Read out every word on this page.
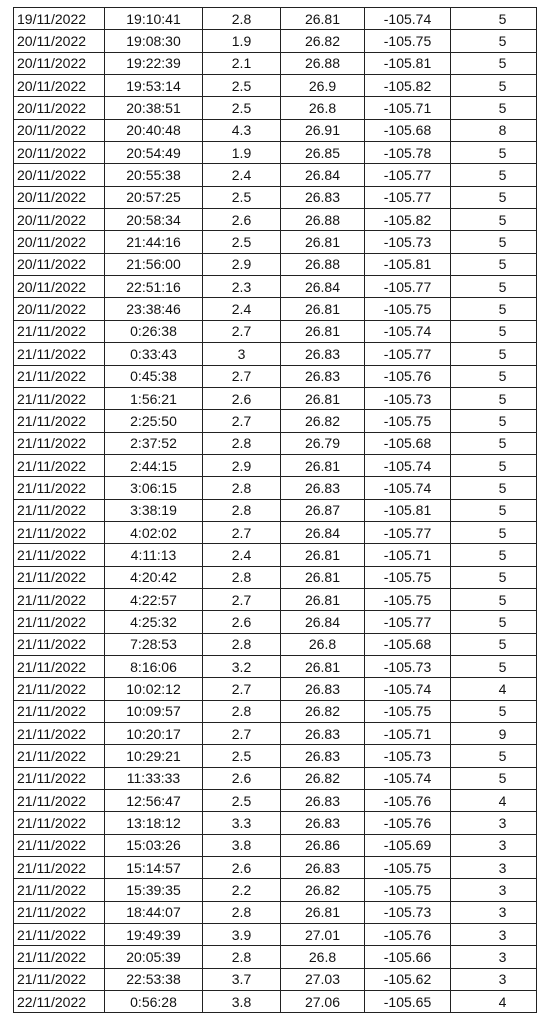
19/11/2022	19:10:41	2.8	26.81	-105.74	5
20/11/2022	19:08:30	1.9	26.82	-105.75	5
20/11/2022	19:22:39	2.1	26.88	-105.81	5
20/11/2022	19:53:14	2.5	26.9	-105.82	5
20/11/2022	20:38:51	2.5	26.8	-105.71	5
20/11/2022	20:40:48	4.3	26.91	-105.68	8
20/11/2022	20:54:49	1.9	26.85	-105.78	5
20/11/2022	20:55:38	2.4	26.84	-105.77	5
20/11/2022	20:57:25	2.5	26.83	-105.77	5
20/11/2022	20:58:34	2.6	26.88	-105.82	5
20/11/2022	21:44:16	2.5	26.81	-105.73	5
20/11/2022	21:56:00	2.9	26.88	-105.81	5
20/11/2022	22:51:16	2.3	26.84	-105.77	5
20/11/2022	23:38:46	2.4	26.81	-105.75	5
21/11/2022	0:26:38	2.7	26.81	-105.74	5
21/11/2022	0:33:43	3	26.83	-105.77	5
21/11/2022	0:45:38	2.7	26.83	-105.76	5
21/11/2022	1:56:21	2.6	26.81	-105.73	5
21/11/2022	2:25:50	2.7	26.82	-105.75	5
21/11/2022	2:37:52	2.8	26.79	-105.68	5
21/11/2022	2:44:15	2.9	26.81	-105.74	5
21/11/2022	3:06:15	2.8	26.83	-105.74	5
21/11/2022	3:38:19	2.8	26.87	-105.81	5
21/11/2022	4:02:02	2.7	26.84	-105.77	5
21/11/2022	4:11:13	2.4	26.81	-105.71	5
21/11/2022	4:20:42	2.8	26.81	-105.75	5
21/11/2022	4:22:57	2.7	26.81	-105.75	5
21/11/2022	4:25:32	2.6	26.84	-105.77	5
21/11/2022	7:28:53	2.8	26.8	-105.68	5
21/11/2022	8:16:06	3.2	26.81	-105.73	5
21/11/2022	10:02:12	2.7	26.83	-105.74	4
21/11/2022	10:09:57	2.8	26.82	-105.75	5
21/11/2022	10:20:17	2.7	26.83	-105.71	9
21/11/2022	10:29:21	2.5	26.83	-105.73	5
21/11/2022	11:33:33	2.6	26.82	-105.74	5
21/11/2022	12:56:47	2.5	26.83	-105.76	4
21/11/2022	13:18:12	3.3	26.83	-105.76	3
21/11/2022	15:03:26	3.8	26.86	-105.69	3
21/11/2022	15:14:57	2.6	26.83	-105.75	3
21/11/2022	15:39:35	2.2	26.82	-105.75	3
21/11/2022	18:44:07	2.8	26.81	-105.73	3
21/11/2022	19:49:39	3.9	27.01	-105.76	3
21/11/2022	20:05:39	2.8	26.8	-105.66	3
21/11/2022	22:53:38	3.7	27.03	-105.62	3
22/11/2022	0:56:28	3.8	27.06	-105.65	4
